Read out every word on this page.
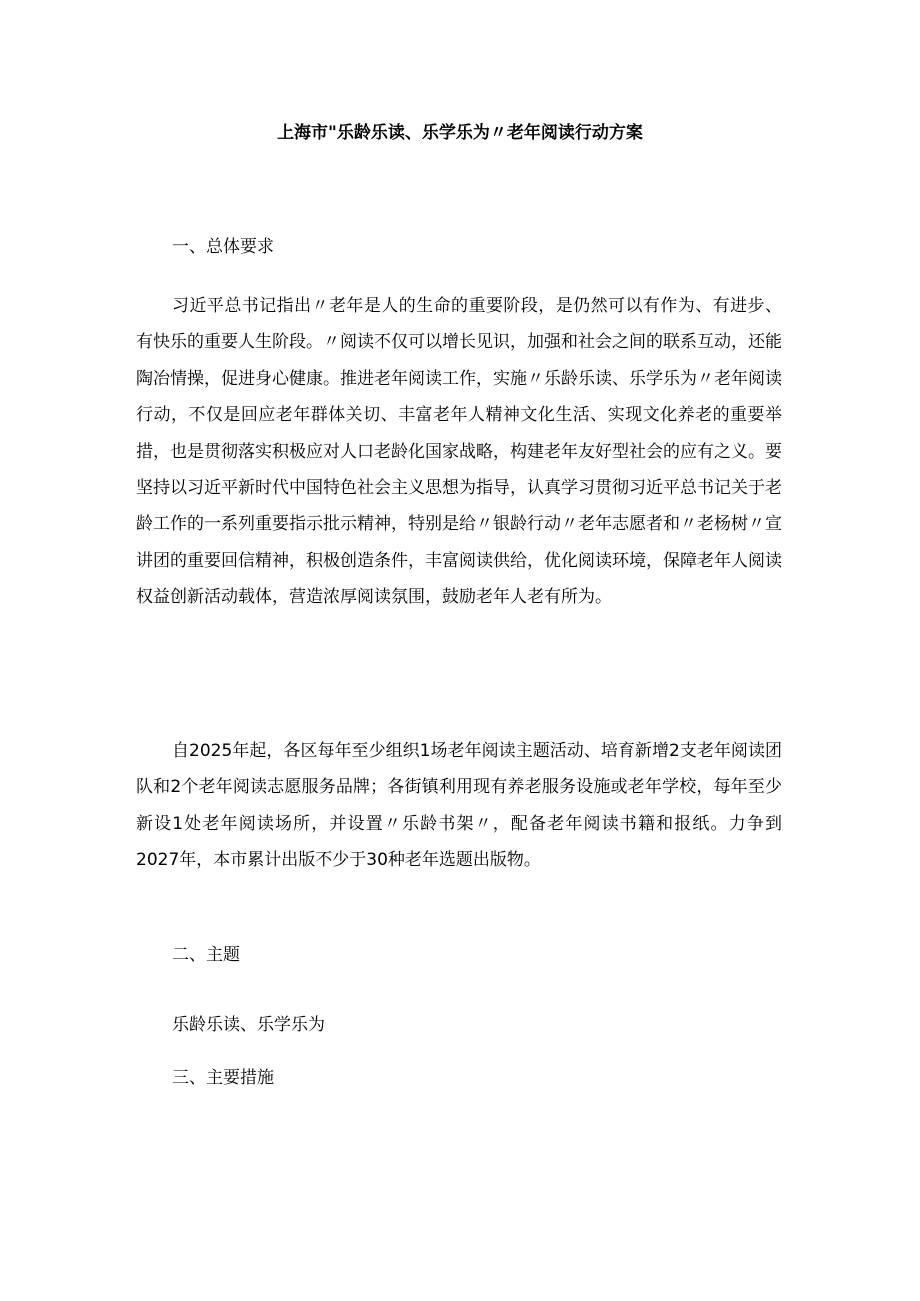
上海市"乐龄乐读、乐学乐为〃老年阅读行动方案
一、总体要求

习近平总书记指出〃老年是人的生命的重要阶段，是仍然可以有作为、有进步、有快乐的重要人生阶段。〃阅读不仅可以增长见识，加强和社会之间的联系互动，还能陶冶情操，促进身心健康。推进老年阅读工作，实施〃乐龄乐读、乐学乐为〃老年阅读行动，不仅是回应老年群体关切、丰富老年人精神文化生活、实现文化养老的重要举措，也是贯彻落实积极应对人口老龄化国家战略，构建老年友好型社会的应有之义。要坚持以习近平新时代中国特色社会主义思想为指导，认真学习贯彻习近平总书记关于老龄工作的一系列重要指示批示精神，特别是给〃银龄行动〃老年志愿者和〃老杨树〃宣讲团的重要回信精神，积极创造条件，丰富阅读供给，优化阅读环境，保障老年人阅读权益创新活动载体，营造浓厚阅读氛围，鼓励老年人老有所为。

自2025年起，各区每年至少组织1场老年阅读主题活动、培育新增2支老年阅读团队和2个老年阅读志愿服务品牌；各街镇利用现有养老服务设施或老年学校，每年至少新设1处老年阅读场所，并设置〃乐龄书架〃，配备老年阅读书籍和报纸。力争到2027年，本市累计出版不少于30种老年选题出版物。

二、主题

乐龄乐读、乐学乐为

三、主要措施
